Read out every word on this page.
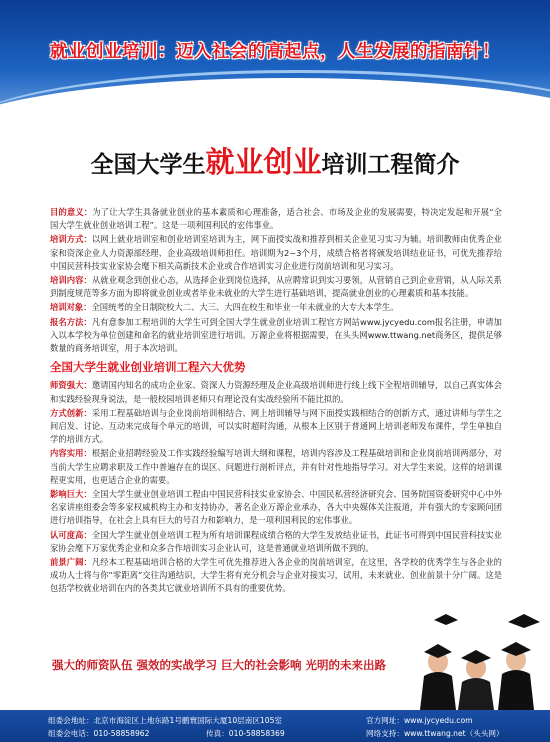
就业创业培训：迈入社会的高起点，人生发展的指南针！
全国大学生就业创业培训工程简介
目的意义：为了让大学生具备就业创业的基本素质和心理准备，适合社会、市场及企业的发展需要，特决定发起和开展“全国大学生就业创业培训工程”。这是一项利国利民的宏伟事业。
培训方式：以网上就业培训室和创业培训室培训为主，网下面授实战和推荐到相关企业见习实习为辅。培训教师由优秀企业家和资深企业人力资源部经理、企业高级培训师担任。培训期为2~3个月，成绩合格者将颁发培训结业证书，可优先推荐给中国民营科技实业家协会麾下相关高新技术企业或合作培训实习企业进行岗前培训和见习实习。
培训内容：从就业观念到创业心态，从选择企业到岗位选择，从应聘常识到实习要领，从营销自己到企业营销，从人际关系到制度规范等多方面为即将就业创业或者毕业未就业的大学生进行基础培训，提高就业创业的心理素质和基本技能。
培训对象：全国统考的全日制院校大二、大三、大四在校生和毕业一年未就业的大专大本学生。
报名方法：凡有意参加工程培训的大学生可到全国大学生就业创业培训工程官方网站www.jycyedu.com报名注册，申请加入以本学校为单位创建和命名的就业培训室进行培训。万源企业将根据需要，在头头网www.ttwang.net商务区，提供足够数量的商务培训室，用于本次培训。
全国大学生就业创业培训工程六大优势
师资强大：邀请国内知名的成功企业家、资深人力资源经理及企业高级培训师进行线上线下全程培训辅导，以自己真实体会和实践经验现身说法，是一般校园培训老师只有理论没有实战经验所不能比拟的。
方式创新：采用工程基础培训与企业岗前培训相结合、网上培训辅导与网下面授实践相结合的创新方式，通过讲师与学生之间启发、讨论、互动来完成每个单元的培训，可以实时超时沟通，从根本上区别于普通网上培训老师发布课件，学生单独自学的培训方式。
内容实用：根据企业招聘经验及工作实践经验编写培训大纲和课程，培训内容涉及工程基础培训和企业岗前培训两部分，对当前大学生应聘求职及工作中普遍存在的误区、问题进行剖析评点，并有针对性地指导学习。对大学生来说，这样的培训课程更实用，也更适合企业的需要。
影响巨大：全国大学生就业创业培训工程由中国民营科技实业家协会、中国民私营经济研究会、国务院国资委研究中心中外名家讲座组委会等多家权威机构主办和支持协办，著名企业万源企业承办，各大中央媒体关注报道，并有强大的专家顾问团进行培训指导，在社会上具有巨大的号召力和影响力，是一项利国利民的宏伟事业。
认可度高：全国大学生就业创业培训工程为所有培训课程成绩合格的大学生发放结业证书，此证书可得到中国民营科技实业家协会麾下万家优秀企业和众多合作培训实习企业认可，这是普通就业培训所做不到的。
前景广阔：凡经本工程基础培训合格的大学生可优先推荐进入各企业的岗前培训室，在这里，各学校的优秀学生与各企业的成功人士将与你“零距离”交往沟通结识，大学生将有充分机会与企业对接实习，试用，未来就业、创业前景十分广阔。这是包括学校就业培训在内的各类其它就业培训所不具有的重要优势。
强大的师资队伍 强效的实战学习 巨大的社会影响 光明的未来出路
组委会地址：北京市海淀区上地东路1号鹏寰国际大厦10层南区105室
组委会电话：010-58858962	传真：010-58858369
官方网址：www.jycyedu.com
网络支持：www.ttwang.net（头头网）
